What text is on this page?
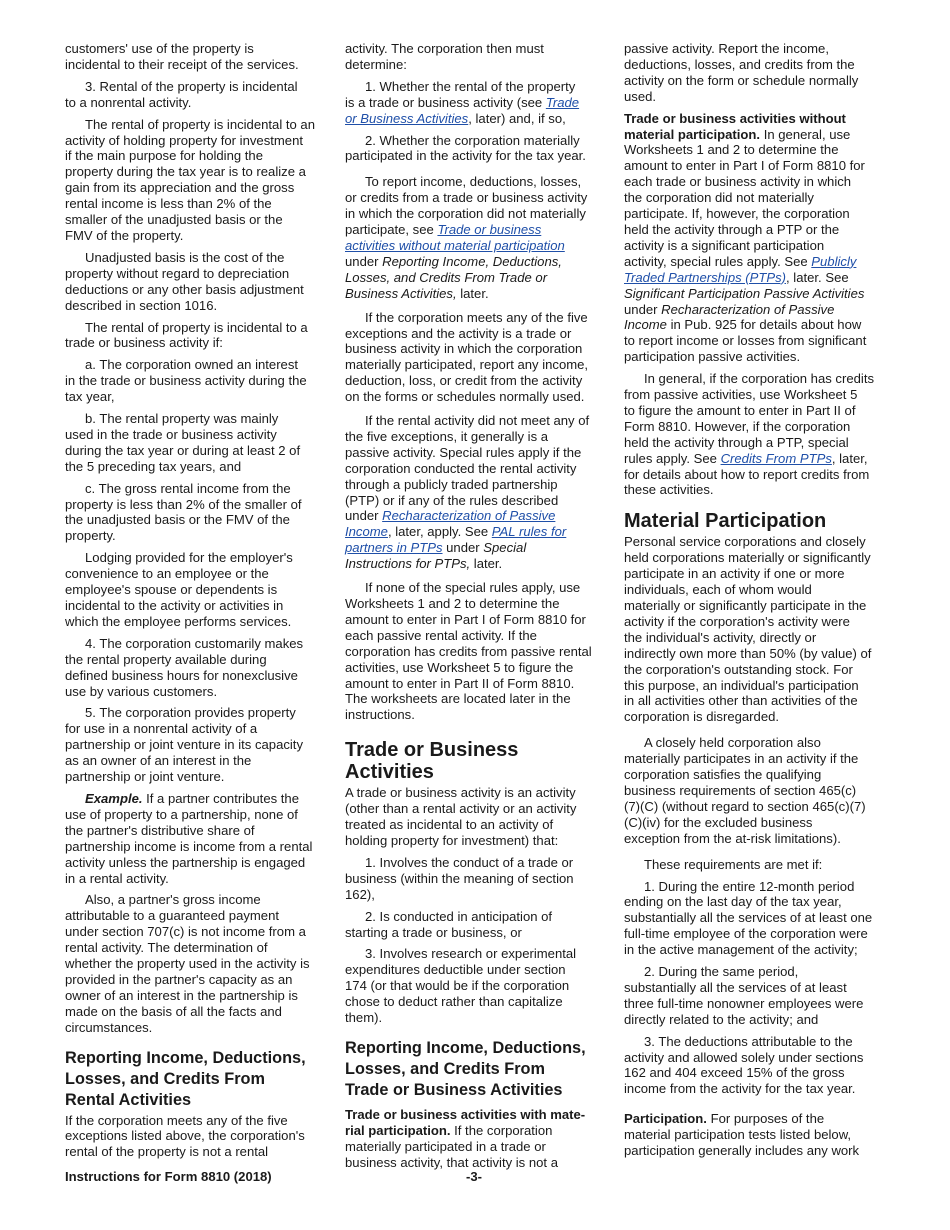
customers' use of the property is
incidental to their receipt of the services.
3. Rental of the property is incidental
to a nonrental activity.
The rental of property is incidental to an
activity of holding property for investment
if the main purpose for holding the
property during the tax year is to realize a
gain from its appreciation and the gross
rental income is less than 2% of the
smaller of the unadjusted basis or the
FMV of the property.
Unadjusted basis is the cost of the
property without regard to depreciation
deductions or any other basis adjustment
described in section 1016.
The rental of property is incidental to a
trade or business activity if:
a. The corporation owned an interest
in the trade or business activity during the
tax year,
b. The rental property was mainly
used in the trade or business activity
during the tax year or during at least 2 of
the 5 preceding tax years, and
c. The gross rental income from the
property is less than 2% of the smaller of
the unadjusted basis or the FMV of the
property.
Lodging provided for the employer's
convenience to an employee or the
employee's spouse or dependents is
incidental to the activity or activities in
which the employee performs services.
4. The corporation customarily makes
the rental property available during
defined business hours for nonexclusive
use by various customers.
5. The corporation provides property
for use in a nonrental activity of a
partnership or joint venture in its capacity
as an owner of an interest in the
partnership or joint venture.
Example. If a partner contributes the
use of property to a partnership, none of
the partner's distributive share of
partnership income is income from a rental
activity unless the partnership is engaged
in a rental activity.
Also, a partner's gross income
attributable to a guaranteed payment
under section 707(c) is not income from a
rental activity. The determination of
whether the property used in the activity is
provided in the partner's capacity as an
owner of an interest in the partnership is
made on the basis of all the facts and
circumstances.
Reporting Income, Deductions,
Losses, and Credits From
Rental Activities
If the corporation meets any of the five
exceptions listed above, the corporation's
rental of the property is not a rental
activity. The corporation then must
determine:
1. Whether the rental of the property
is a trade or business activity (see Trade
or Business Activities, later) and, if so,
2. Whether the corporation materially
participated in the activity for the tax year.
To report income, deductions, losses,
or credits from a trade or business activity
in which the corporation did not materially
participate, see Trade or business
activities without material participation
under Reporting Income, Deductions,
Losses, and Credits From Trade or
Business Activities, later.
If the corporation meets any of the five
exceptions and the activity is a trade or
business activity in which the corporation
materially participated, report any income,
deduction, loss, or credit from the activity
on the forms or schedules normally used.
If the rental activity did not meet any of
the five exceptions, it generally is a
passive activity. Special rules apply if the
corporation conducted the rental activity
through a publicly traded partnership
(PTP) or if any of the rules described
under Recharacterization of Passive
Income, later, apply. See PAL rules for
partners in PTPs under Special
Instructions for PTPs, later.
If none of the special rules apply, use
Worksheets 1 and 2 to determine the
amount to enter in Part I of Form 8810 for
each passive rental activity. If the
corporation has credits from passive rental
activities, use Worksheet 5 to figure the
amount to enter in Part II of Form 8810.
The worksheets are located later in the
instructions.
Trade or Business
Activities
A trade or business activity is an activity
(other than a rental activity or an activity
treated as incidental to an activity of
holding property for investment) that:
1. Involves the conduct of a trade or
business (within the meaning of section
162),
2. Is conducted in anticipation of
starting a trade or business, or
3. Involves research or experimental
expenditures deductible under section
174 (or that would be if the corporation
chose to deduct rather than capitalize
them).
Reporting Income, Deductions,
Losses, and Credits From
Trade or Business Activities
Trade or business activities with mate-
rial participation. If the corporation
materially participated in a trade or
business activity, that activity is not a
passive activity. Report the income,
deductions, losses, and credits from the
activity on the form or schedule normally
used.
Trade or business activities without
material participation. In general, use
Worksheets 1 and 2 to determine the
amount to enter in Part I of Form 8810 for
each trade or business activity in which
the corporation did not materially
participate. If, however, the corporation
held the activity through a PTP or the
activity is a significant participation
activity, special rules apply. See Publicly
Traded Partnerships (PTPs), later. See
Significant Participation Passive Activities
under Recharacterization of Passive
Income in Pub. 925 for details about how
to report income or losses from significant
participation passive activities.
In general, if the corporation has credits
from passive activities, use Worksheet 5
to figure the amount to enter in Part II of
Form 8810. However, if the corporation
held the activity through a PTP, special
rules apply. See Credits From PTPs, later,
for details about how to report credits from
these activities.
Material Participation
Personal service corporations and closely
held corporations materially or significantly
participate in an activity if one or more
individuals, each of whom would
materially or significantly participate in the
activity if the corporation's activity were
the individual's activity, directly or
indirectly own more than 50% (by value) of
the corporation's outstanding stock. For
this purpose, an individual's participation
in all activities other than activities of the
corporation is disregarded.
A closely held corporation also
materially participates in an activity if the
corporation satisfies the qualifying
business requirements of section 465(c)
(7)(C) (without regard to section 465(c)(7)
(C)(iv) for the excluded business
exception from the at-risk limitations).
These requirements are met if:
1. During the entire 12-month period
ending on the last day of the tax year,
substantially all the services of at least one
full-time employee of the corporation were
in the active management of the activity;
2. During the same period,
substantially all the services of at least
three full-time nonowner employees were
directly related to the activity; and
3. The deductions attributable to the
activity and allowed solely under sections
162 and 404 exceed 15% of the gross
income from the activity for the tax year.
Participation. For purposes of the
material participation tests listed below,
participation generally includes any work
Instructions for Form 8810 (2018)	-3-
